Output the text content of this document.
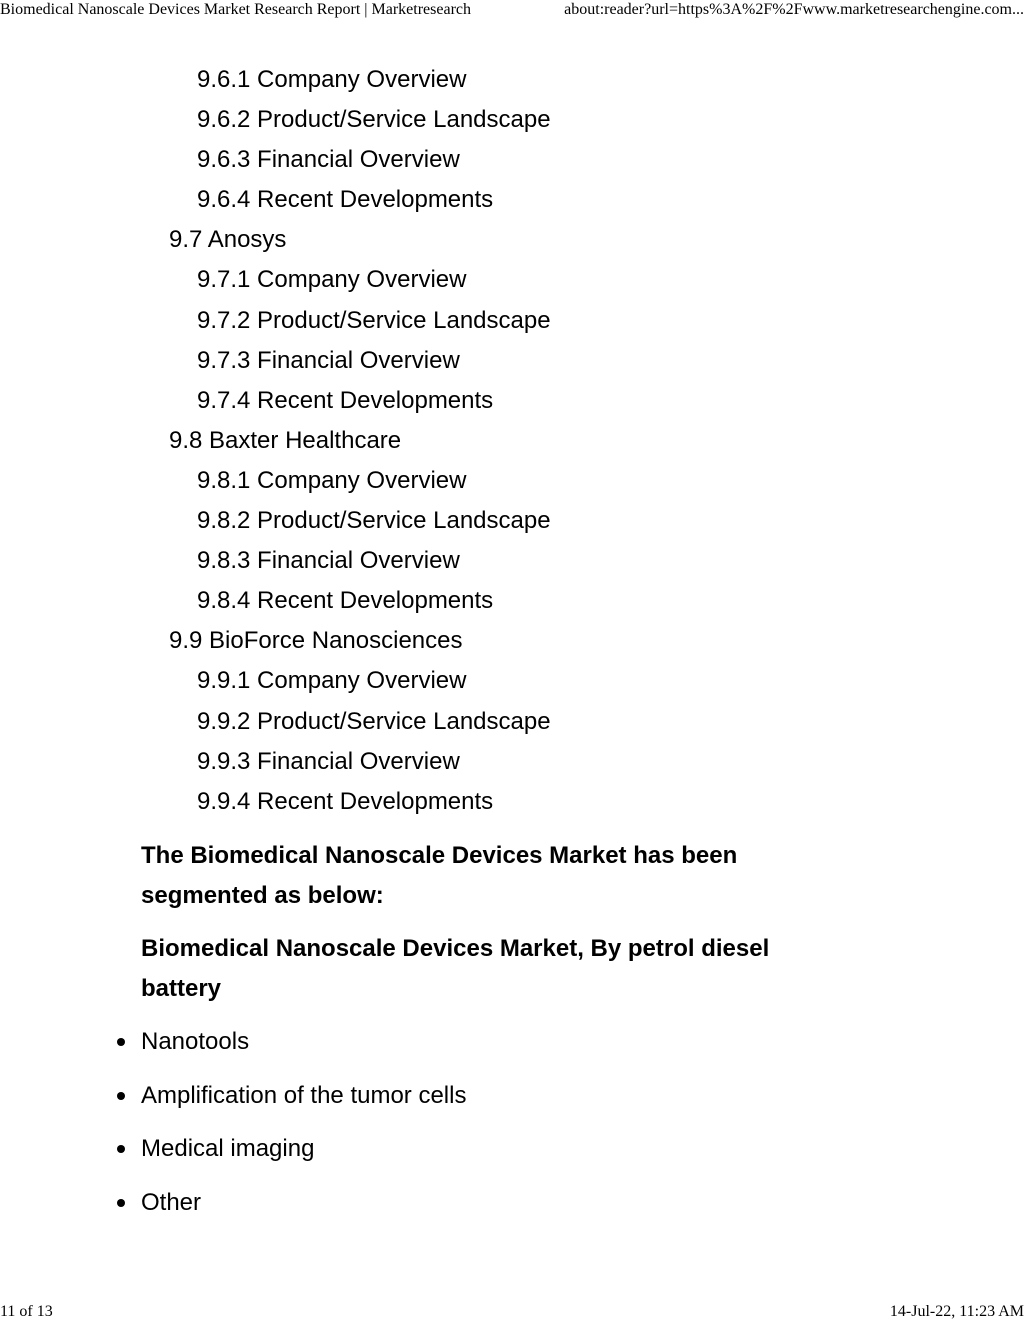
Biomedical Nanoscale Devices Market Research Report | Marketresearch	about:reader?url=https%3A%2F%2Fwww.marketresearchengine.com...
9.6.1 Company Overview
9.6.2 Product/Service Landscape
9.6.3 Financial Overview
9.6.4 Recent Developments
9.7 Anosys
9.7.1 Company Overview
9.7.2 Product/Service Landscape
9.7.3 Financial Overview
9.7.4 Recent Developments
9.8 Baxter Healthcare
9.8.1 Company Overview
9.8.2 Product/Service Landscape
9.8.3 Financial Overview
9.8.4 Recent Developments
9.9 BioForce Nanosciences
9.9.1 Company Overview
9.9.2 Product/Service Landscape
9.9.3 Financial Overview
9.9.4 Recent Developments

The Biomedical Nanoscale Devices Market has been segmented as below:

Biomedical Nanoscale Devices Market, By petrol diesel battery

Nanotools
Amplification of the tumor cells
Medical imaging
Other
11 of 13	14-Jul-22, 11:23 AM
